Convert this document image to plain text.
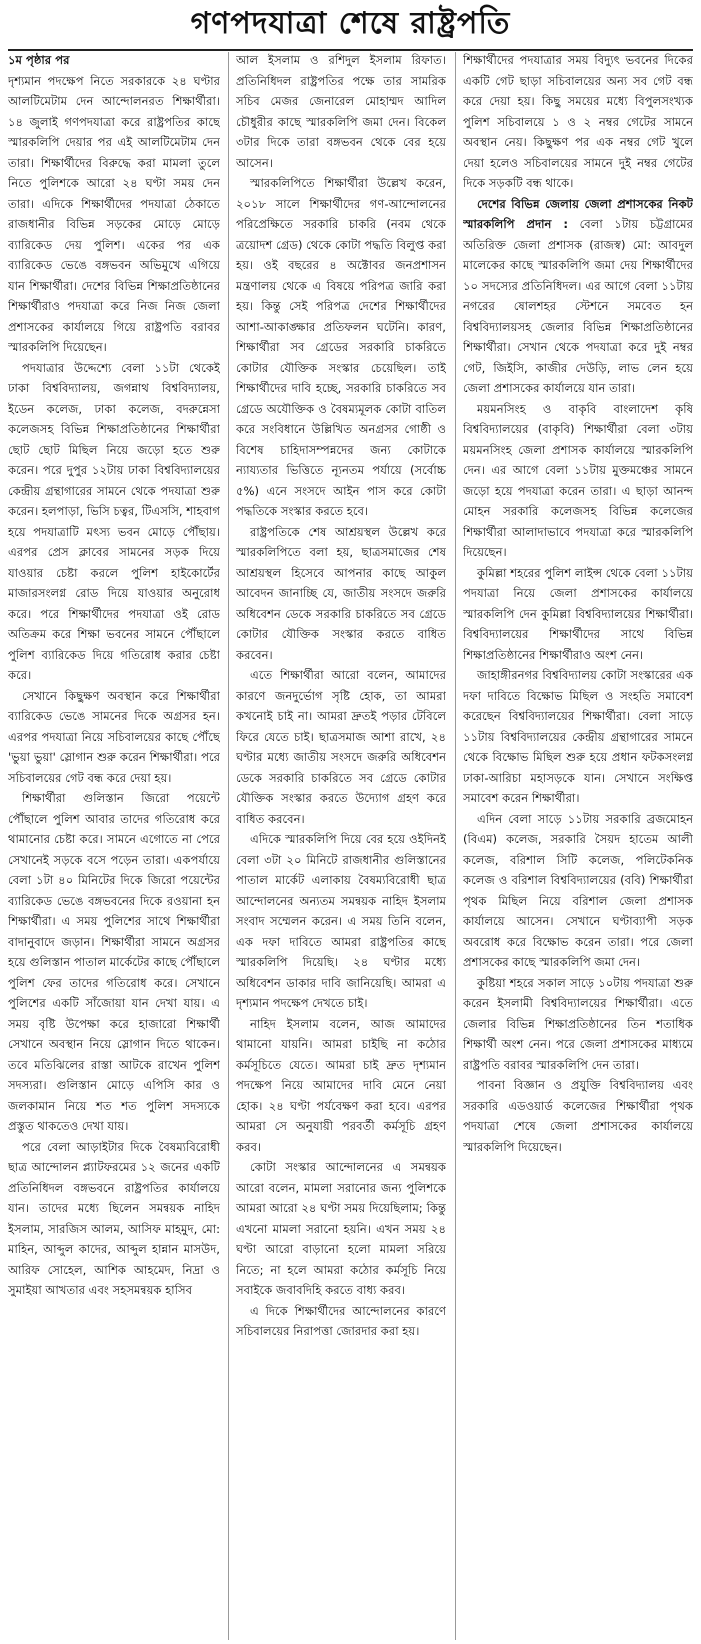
গণপদযাত্রা শেষে রাষ্ট্রপতি

১ম পৃষ্ঠার পর

দৃশ্যমান পদক্ষেপ নিতে সরকারকে ২৪ ঘণ্টার আলটিমেটাম দেন আন্দোলনরত শিক্ষার্থীরা। ১৪ জুলাই গণপদযাত্রা করে রাষ্ট্রপতির কাছে স্মারকলিপি দেয়ার পর এই আলটিমেটাম দেন তারা। শিক্ষার্থীদের বিরুদ্ধে করা মামলা তুলে নিতে পুলিশকে আরো ২৪ ঘণ্টা সময় দেন তারা। এদিকে শিক্ষার্থীদের পদযাত্রা ঠেকাতে রাজধানীর বিভিন্ন সড়কের মোড়ে মোড়ে ব্যারিকেড দেয় পুলিশ। একের পর এক ব্যারিকেড ভেঙে বঙ্গভবন অভিমুখে এগিয়ে যান শিক্ষার্থীরা। দেশের বিভিন্ন শিক্ষাপ্রতিষ্ঠানের শিক্ষার্থীরাও পদযাত্রা করে নিজ নিজ জেলা প্রশাসকের কার্যালয়ে গিয়ে রাষ্ট্রপতি বরাবর স্মারকলিপি দিয়েছেন।

পদযাত্রার উদ্দেশ্যে বেলা ১১টা থেকেই ঢাকা বিশ্ববিদ্যালয়, জগন্নাথ বিশ্ববিদ্যালয়, ইডেন কলেজ, ঢাকা কলেজ, বদরুন্নেসা কলেজসহ বিভিন্ন শিক্ষাপ্রতিষ্ঠানের শিক্ষার্থীরা ছোট ছোট মিছিল নিয়ে জড়ো হতে শুরু করেন। পরে দুপুর ১২টায় ঢাকা বিশ্ববিদ্যালয়ের কেন্দ্রীয় গ্রন্থাগারের সামনে থেকে পদযাত্রা শুরু করেন। হলপাড়া, ভিসি চত্বর, টিএসসি, শাহবাগ হয়ে পদযাত্রাটি মৎস্য ভবন মোড়ে পৌঁছায়। এরপর প্রেস ক্লাবের সামনের সড়ক দিয়ে যাওয়ার চেষ্টা করলে পুলিশ হাইকোর্টের মাজারসংলগ্ন রোড দিয়ে যাওয়ার অনুরোধ করে। পরে শিক্ষার্থীদের পদযাত্রা ওই রোড অতিক্রম করে শিক্ষা ভবনের সামনে পৌঁছালে পুলিশ ব্যারিকেড দিয়ে গতিরোধ করার চেষ্টা করে।

সেখানে কিছুক্ষণ অবস্থান করে শিক্ষার্থীরা ব্যারিকেড ভেঙে সামনের দিকে অগ্রসর হন। এরপর পদযাত্রা নিয়ে সচিবালয়ের কাছে পৌঁছে 'ভুয়া ভুয়া' স্লোগান শুরু করেন শিক্ষার্থীরা। পরে সচিবালয়ের গেট বন্ধ করে দেয়া হয়।

শিক্ষার্থীরা গুলিস্তান জিরো পয়েন্টে পৌঁছালে পুলিশ আবার তাদের গতিরোধ করে থামানোর চেষ্টা করে। সামনে এগোতে না পেরে সেখানেই সড়কে বসে পড়েন তারা। একপর্যায়ে বেলা ১টা ৪০ মিনিটের দিকে জিরো পয়েন্টের ব্যারিকেড ভেঙে বঙ্গভবনের দিকে রওয়ানা হন শিক্ষার্থীরা। এ সময় পুলিশের সাথে শিক্ষার্থীরা বাদানুবাদে জড়ান। শিক্ষার্থীরা সামনে অগ্রসর হয়ে গুলিস্তান পাতাল মার্কেটের কাছে পৌঁছালে পুলিশ ফের তাদের গতিরোধ করে। সেখানে পুলিশের একটি সাঁজোয়া যান দেখা যায়। এ সময় বৃষ্টি উপেক্ষা করে হাজারো শিক্ষার্থী সেখানে অবস্থান নিয়ে স্লোগান দিতে থাকেন। তবে মতিঝিলের রাস্তা আটকে রাখেন পুলিশ সদস্যরা। গুলিস্তান মোড়ে এপিসি কার ও জলকামান নিয়ে শত শত পুলিশ সদস্যকে প্রস্তুত থাকতেও দেখা যায়।

পরে বেলা আড়াইটার দিকে বৈষম্যবিরোধী ছাত্র আন্দোলন প্ল্যাটফরমের ১২ জনের একটি প্রতিনিধিদল বঙ্গভবনে রাষ্ট্রপতির কার্যালয়ে যান। তাদের মধ্যে ছিলেন সমন্বয়ক নাহিদ ইসলাম, সারজিস আলম, আসিফ মাহমুদ, মো: মাহিন, আব্দুল কাদের, আব্দুল হান্নান মাসউদ, আরিফ সোহেল, আশিক আহমেদ, নিদ্রা ও সুমাইয়া আখতার এবং সহসমন্বয়ক হাসিব

আল ইসলাম ও রশিদুল ইসলাম রিফাত। প্রতিনিধিদল রাষ্ট্রপতির পক্ষে তার সামরিক সচিব মেজর জেনারেল মোহাম্মদ আদিল চৌধুরীর কাছে স্মারকলিপি জমা দেন। বিকেল ৩টার দিকে তারা বঙ্গভবন থেকে বের হয়ে আসেন।

স্মারকলিপিতে শিক্ষার্থীরা উল্লেখ করেন, ২০১৮ সালে শিক্ষার্থীদের গণ-আন্দোলনের পরিপ্রেক্ষিতে সরকারি চাকরি (নবম থেকে ত্রয়োদশ গ্রেড) থেকে কোটা পদ্ধতি বিলুপ্ত করা হয়। ওই বছরের ৪ অক্টোবর জনপ্রশাসন মন্ত্রণালয় থেকে এ বিষয়ে পরিপত্র জারি করা হয়। কিন্তু সেই পরিপত্র দেশের শিক্ষার্থীদের আশা-আকাঙ্ক্ষার প্রতিফলন ঘটেনি। কারণ, শিক্ষার্থীরা সব গ্রেডের সরকারি চাকরিতে কোটার যৌক্তিক সংস্কার চেয়েছিল। তাই শিক্ষার্থীদের দাবি হচ্ছে, সরকারি চাকরিতে সব গ্রেডে অযৌক্তিক ও বৈষম্যমূলক কোটা বাতিল করে সংবিধানে উল্লিখিত অনগ্রসর গোষ্ঠী ও বিশেষ চাহিদাসম্পন্নদের জন্য কোটাকে ন্যায্যতার ভিত্তিতে ন্যূনতম পর্যায়ে (সর্বোচ্চ ৫%) এনে সংসদে আইন পাস করে কোটা পদ্ধতিকে সংস্কার করতে হবে।

রাষ্ট্রপতিকে শেষ আশ্রয়স্থল উল্লেখ করে স্মারকলিপিতে বলা হয়, ছাত্রসমাজের শেষ আশ্রয়স্থল হিসেবে আপনার কাছে আকুল আবেদন জানাচ্ছি যে, জাতীয় সংসদে জরুরি অধিবেশন ডেকে সরকারি চাকরিতে সব গ্রেডে কোটার যৌক্তিক সংস্কার করতে বাধিত করবেন।

এতে শিক্ষার্থীরা আরো বলেন, আমাদের কারণে জনদুর্ভোগ সৃষ্টি হোক, তা আমরা কখনোই চাই না। আমরা দ্রুতই পড়ার টেবিলে ফিরে যেতে চাই। ছাত্রসমাজ আশা রাখে, ২৪ ঘণ্টার মধ্যে জাতীয় সংসদে জরুরি অধিবেশন ডেকে সরকারি চাকরিতে সব গ্রেডে কোটার যৌক্তিক সংস্কার করতে উদ্যোগ গ্রহণ করে বাধিত করবেন।

এদিকে স্মারকলিপি দিয়ে বের হয়ে ওইদিনই বেলা ৩টা ২০ মিনিটে রাজধানীর গুলিস্তানের পাতাল মার্কেট এলাকায় বৈষম্যবিরোধী ছাত্র আন্দোলনের অন্যতম সমন্বয়ক নাহিদ ইসলাম সংবাদ সম্মেলন করেন। এ সময় তিনি বলেন, এক দফা দাবিতে আমরা রাষ্ট্রপতির কাছে স্মারকলিপি দিয়েছি। ২৪ ঘণ্টার মধ্যে অধিবেশন ডাকার দাবি জানিয়েছি। আমরা এ দৃশ্যমান পদক্ষেপ দেখতে চাই।

নাহিদ ইসলাম বলেন, আজ আমাদের থামানো যায়নি। আমরা চাইছি না কঠোর কর্মসূচিতে যেতে। আমরা চাই দ্রুত দৃশ্যমান পদক্ষেপ নিয়ে আমাদের দাবি মেনে নেয়া হোক। ২৪ ঘণ্টা পর্যবেক্ষণ করা হবে। এরপর আমরা সে অনুযায়ী পরবর্তী কর্মসূচি গ্রহণ করব।

কোটা সংস্কার আন্দোলনের এ সমন্বয়ক আরো বলেন, মামলা সরানোর জন্য পুলিশকে আমরা আরো ২৪ ঘণ্টা সময় দিয়েছিলাম; কিন্তু এখনো মামলা সরানো হয়নি। এখন সময় ২৪ ঘণ্টা আরো বাড়ানো হলো মামলা সরিয়ে নিতে; না হলে আমরা কঠোর কর্মসূচি নিয়ে সবাইকে জবাবদিহি করতে বাধ্য করব।

এ দিকে শিক্ষার্থীদের আন্দোলনের কারণে সচিবালয়ের নিরাপত্তা জোরদার করা হয়।

শিক্ষার্থীদের পদযাত্রার সময় বিদ্যুৎ ভবনের দিকের একটি গেট ছাড়া সচিবালয়ের অন্য সব গেট বন্ধ করে দেয়া হয়। কিছু সময়ের মধ্যে বিপুলসংখ্যক পুলিশ সচিবালয়ে ১ ও ২ নম্বর গেটের সামনে অবস্থান নেয়। কিছুক্ষণ পর এক নম্বর গেট খুলে দেয়া হলেও সচিবালয়ের সামনে দুই নম্বর গেটের দিকে সড়কটি বন্ধ থাকে।

দেশের বিভিন্ন জেলায় জেলা প্রশাসকের নিকট স্মারকলিপি প্রদান : বেলা ১টায় চট্টগ্রামের অতিরিক্ত জেলা প্রশাসক (রাজস্ব) মো: আবদুল মালেকের কাছে স্মারকলিপি জমা দেয় শিক্ষার্থীদের ১০ সদস্যের প্রতিনিধিদল। এর আগে বেলা ১১টায় নগরের ষোলশহর স্টেশনে সমবেত হন বিশ্ববিদ্যালয়সহ জেলার বিভিন্ন শিক্ষাপ্রতিষ্ঠানের শিক্ষার্থীরা। সেখান থেকে পদযাত্রা করে দুই নম্বর গেট, জিইসি, কাজীর দেউড়ি, লাভ লেন হয়ে জেলা প্রশাসকের কার্যালয়ে যান তারা।

ময়মনসিংহ ও বাকৃবি বাংলাদেশ কৃষি বিশ্ববিদ্যালয়ের (বাকৃবি) শিক্ষার্থীরা বেলা ৩টায় ময়মনসিংহ জেলা প্রশাসক কার্যালয়ে স্মারকলিপি দেন। এর আগে বেলা ১১টায় মুক্তমঞ্চের সামনে জড়ো হয়ে পদযাত্রা করেন তারা। এ ছাড়া আনন্দ মোহন সরকারি কলেজসহ বিভিন্ন কলেজের শিক্ষার্থীরা আলাদাভাবে পদযাত্রা করে স্মারকলিপি দিয়েছেন।

কুমিল্লা শহরের পুলিশ লাইন্স থেকে বেলা ১১টায় পদযাত্রা নিয়ে জেলা প্রশাসকের কার্যালয়ে স্মারকলিপি দেন কুমিল্লা বিশ্ববিদ্যালয়ের শিক্ষার্থীরা। বিশ্ববিদ্যালয়ের শিক্ষার্থীদের সাথে বিভিন্ন শিক্ষাপ্রতিষ্ঠানের শিক্ষার্থীরাও অংশ নেন।

জাহাঙ্গীরনগর বিশ্ববিদ্যালয় কোটা সংস্কারের এক দফা দাবিতে বিক্ষোভ মিছিল ও সংহতি সমাবেশ করেছেন বিশ্ববিদ্যালয়ের শিক্ষার্থীরা। বেলা সাড়ে ১১টায় বিশ্ববিদ্যালয়ের কেন্দ্রীয় গ্রন্থাগারের সামনে থেকে বিক্ষোভ মিছিল শুরু হয়ে প্রধান ফটকসংলগ্ন ঢাকা-আরিচা মহাসড়কে যান। সেখানে সংক্ষিপ্ত সমাবেশ করেন শিক্ষার্থীরা।

এদিন বেলা সাড়ে ১১টায় সরকারি ব্রজমোহন (বিএম) কলেজ, সরকারি সৈয়দ হাতেম আলী কলেজ, বরিশাল সিটি কলেজ, পলিটেকনিক কলেজ ও বরিশাল বিশ্ববিদ্যালয়ের (ববি) শিক্ষার্থীরা পৃথক মিছিল নিয়ে বরিশাল জেলা প্রশাসক কার্যালয়ে আসেন। সেখানে ঘণ্টাব্যাপী সড়ক অবরোধ করে বিক্ষোভ করেন তারা। পরে জেলা প্রশাসকের কাছে স্মারকলিপি জমা দেন।

কুষ্টিয়া শহরে সকাল সাড়ে ১০টায় পদযাত্রা শুরু করেন ইসলামী বিশ্ববিদ্যালয়ের শিক্ষার্থীরা। এতে জেলার বিভিন্ন শিক্ষাপ্রতিষ্ঠানের তিন শতাধিক শিক্ষার্থী অংশ নেন। পরে জেলা প্রশাসকের মাধ্যমে রাষ্ট্রপতি বরাবর স্মারকলিপি দেন তারা।

পাবনা বিজ্ঞান ও প্রযুক্তি বিশ্ববিদ্যালয় এবং সরকারি এডওয়ার্ড কলেজের শিক্ষার্থীরা পৃথক পদযাত্রা শেষে জেলা প্রশাসকের কার্যালয়ে স্মারকলিপি দিয়েছেন।
